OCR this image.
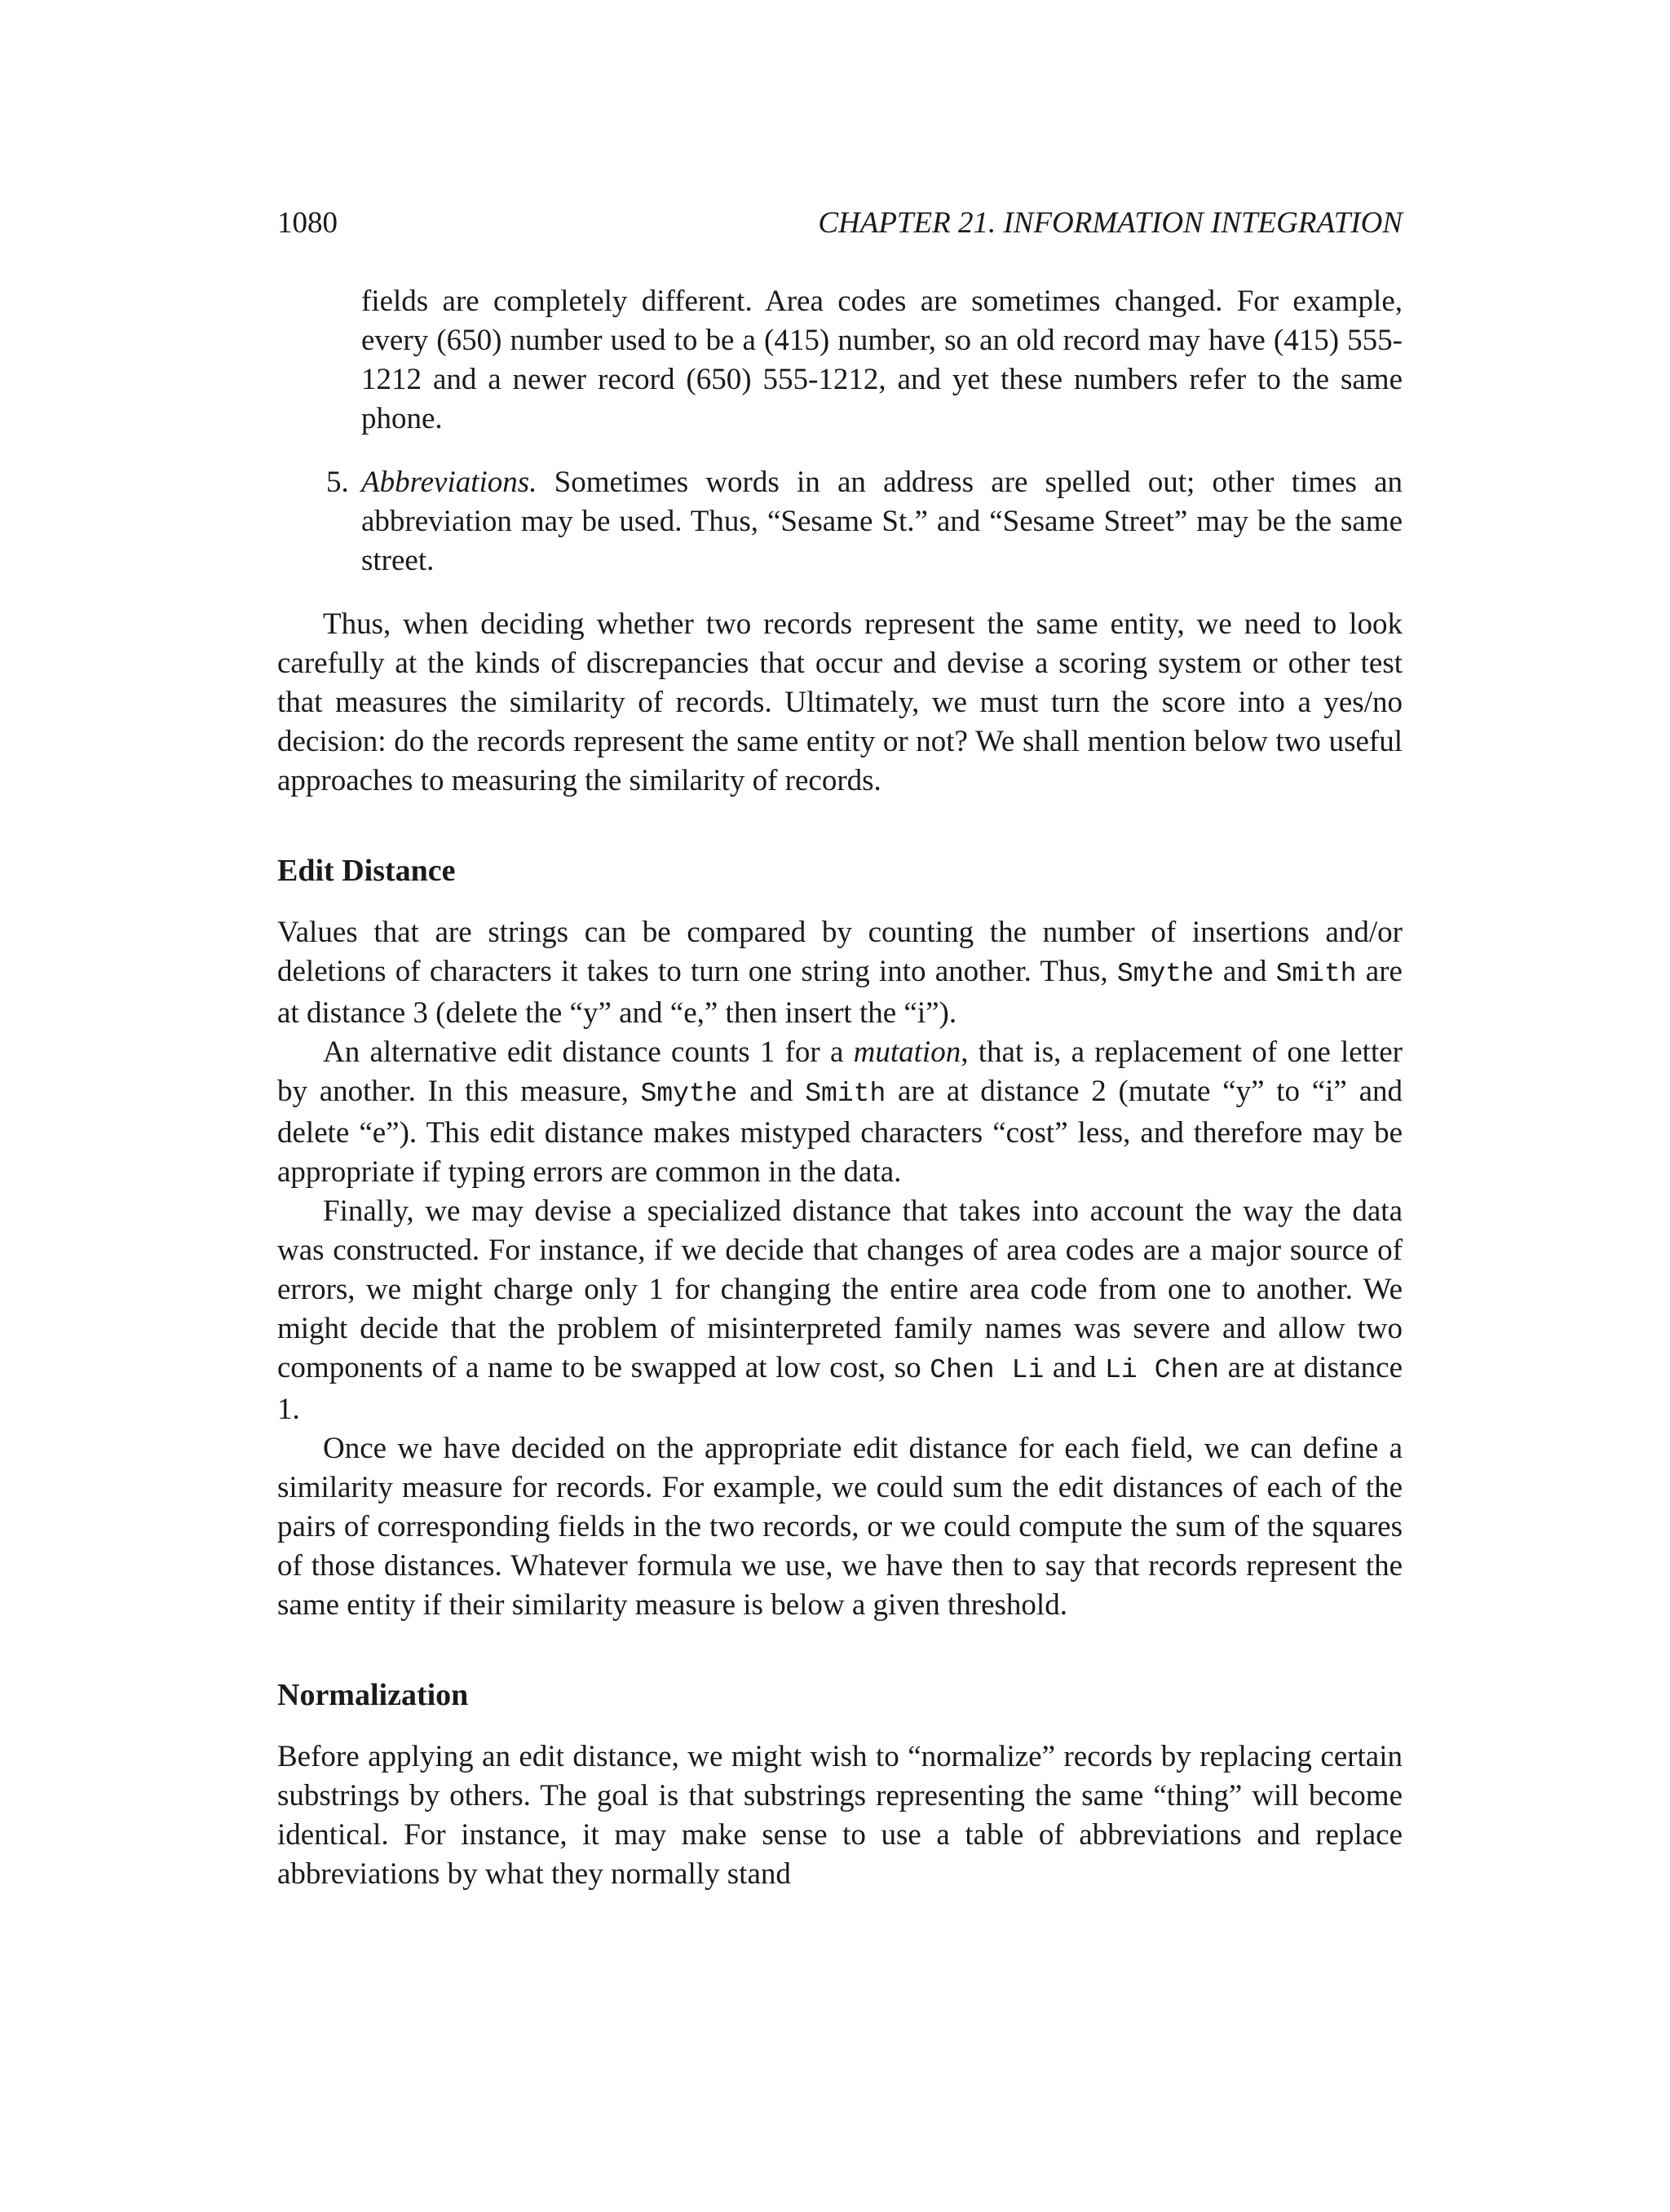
1080	CHAPTER 21. INFORMATION INTEGRATION

fields are completely different. Area codes are sometimes changed. For example, every (650) number used to be a (415) number, so an old record may have (415) 555-1212 and a newer record (650) 555-1212, and yet these numbers refer to the same phone.

5. Abbreviations. Sometimes words in an address are spelled out; other times an abbreviation may be used. Thus, “Sesame St.” and “Sesame Street” may be the same street.

Thus, when deciding whether two records represent the same entity, we need to look carefully at the kinds of discrepancies that occur and devise a scoring system or other test that measures the similarity of records. Ultimately, we must turn the score into a yes/no decision: do the records represent the same entity or not? We shall mention below two useful approaches to measuring the similarity of records.

Edit Distance

Values that are strings can be compared by counting the number of insertions and/or deletions of characters it takes to turn one string into another. Thus, Smythe and Smith are at distance 3 (delete the “y” and “e,” then insert the “i”).

An alternative edit distance counts 1 for a mutation, that is, a replacement of one letter by another. In this measure, Smythe and Smith are at distance 2 (mutate “y” to “i” and delete “e”). This edit distance makes mistyped characters “cost” less, and therefore may be appropriate if typing errors are common in the data.

Finally, we may devise a specialized distance that takes into account the way the data was constructed. For instance, if we decide that changes of area codes are a major source of errors, we might charge only 1 for changing the entire area code from one to another. We might decide that the problem of misinterpreted family names was severe and allow two components of a name to be swapped at low cost, so Chen Li and Li Chen are at distance 1.

Once we have decided on the appropriate edit distance for each field, we can define a similarity measure for records. For example, we could sum the edit distances of each of the pairs of corresponding fields in the two records, or we could compute the sum of the squares of those distances. Whatever formula we use, we have then to say that records represent the same entity if their similarity measure is below a given threshold.

Normalization

Before applying an edit distance, we might wish to “normalize” records by replacing certain substrings by others. The goal is that substrings representing the same “thing” will become identical. For instance, it may make sense to use a table of abbreviations and replace abbreviations by what they normally stand
